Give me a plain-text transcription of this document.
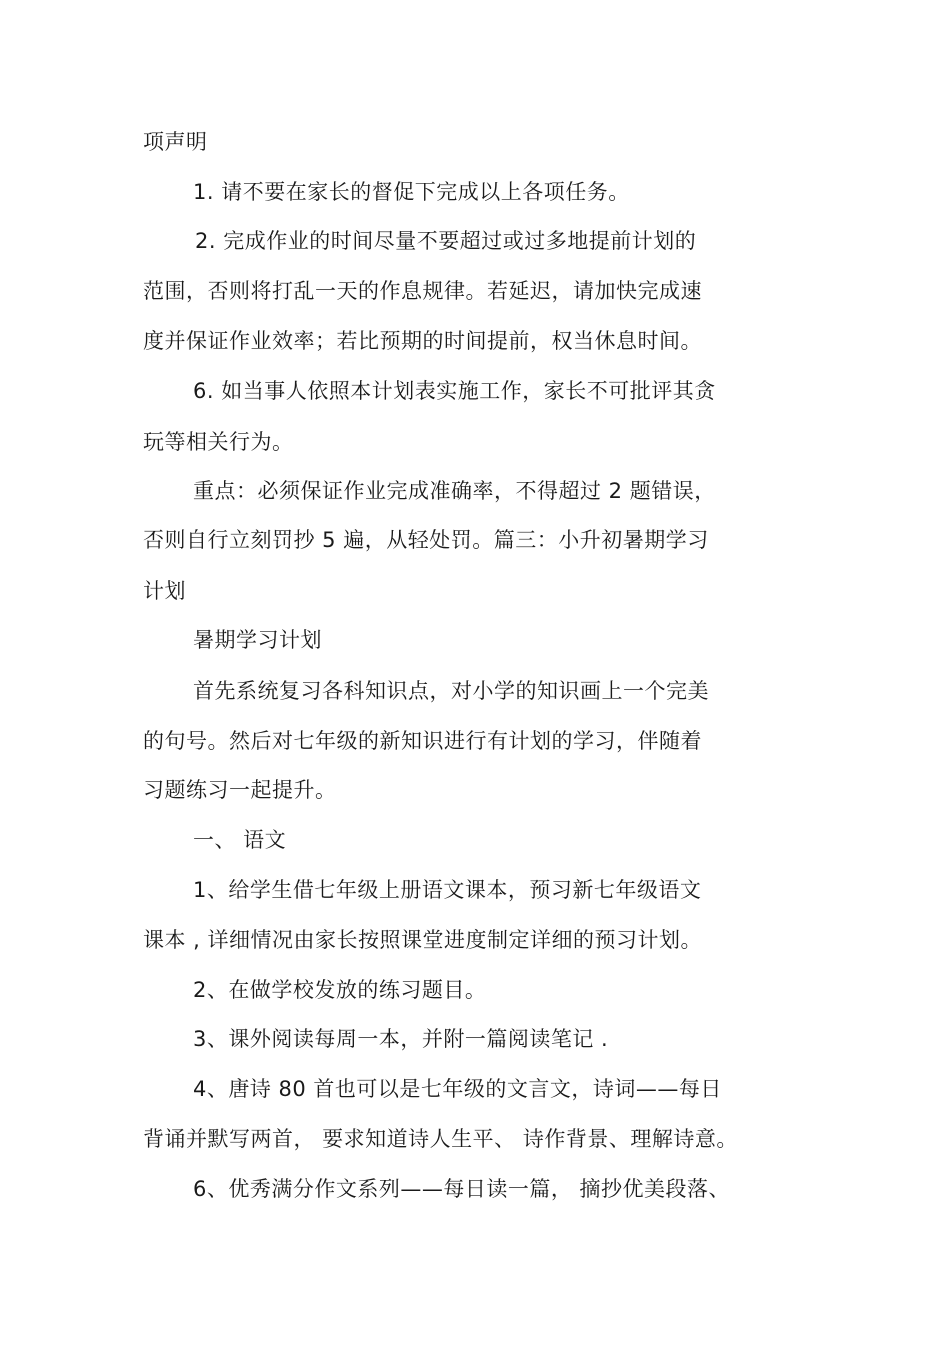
项声明

1. 请不要在家长的督促下完成以上各项任务。

2. 完成作业的时间尽量不要超过或过多地提前计划的

范围，否则将打乱一天的作息规律。若延迟，请加快完成速

度并保证作业效率；若比预期的时间提前，权当休息时间。

6. 如当事人依照本计划表实施工作，家长不可批评其贪

玩等相关行为。

重点：必须保证作业完成准确率，不得超过 2 题错误，

否则自行立刻罚抄 5 遍，从轻处罚。篇三：小升初暑期学习

计划

暑期学习计划

首先系统复习各科知识点，对小学的知识画上一个完美

的句号。然后对七年级的新知识进行有计划的学习，伴随着

习题练习一起提升。

一、 语文

1、给学生借七年级上册语文课本，预习新七年级语文

课本 , 详细情况由家长按照课堂进度制定详细的预习计划。

2、在做学校发放的练习题目。

3、课外阅读每周一本，并附一篇阅读笔记 .

4、唐诗 80 首也可以是七年级的文言文，诗词——每日

背诵并默写两首， 要求知道诗人生平、 诗作背景、理解诗意。

6、优秀满分作文系列——每日读一篇， 摘抄优美段落、
